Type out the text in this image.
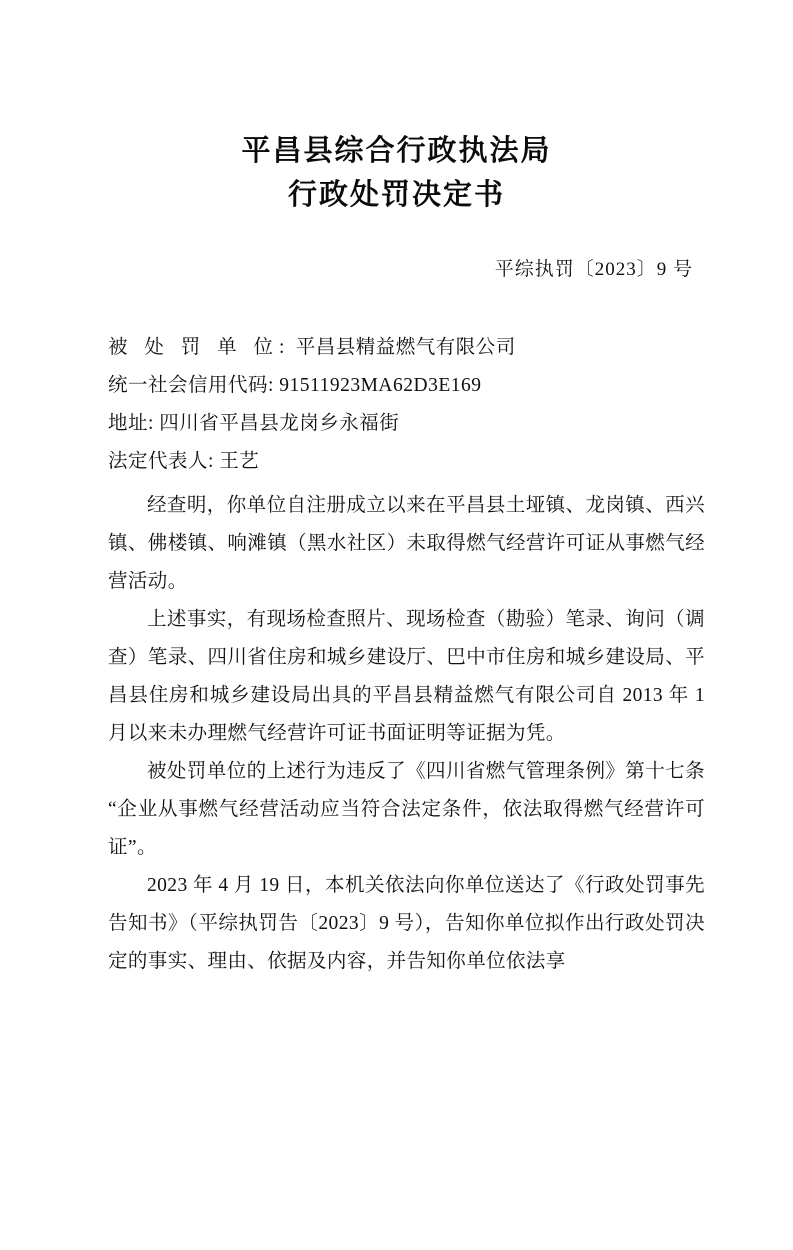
平昌县综合行政执法局
行政处罚决定书
平综执罚〔2023〕9 号
被 处 罚 单 位: 平昌县精益燃气有限公司
统一社会信用代码: 91511923MA62D3E169
地址: 四川省平昌县龙岗乡永福街
法定代表人: 王艺

经查明，你单位自注册成立以来在平昌县土垭镇、龙岗镇、西兴镇、佛楼镇、响滩镇（黑水社区）未取得燃气经营许可证从事燃气经营活动。

上述事实，有现场检查照片、现场检查（勘验）笔录、询问（调查）笔录、四川省住房和城乡建设厅、巴中市住房和城乡建设局、平昌县住房和城乡建设局出具的平昌县精益燃气有限公司自 2013 年 1 月以来未办理燃气经营许可证书面证明等证据为凭。

被处罚单位的上述行为违反了《四川省燃气管理条例》第十七条“企业从事燃气经营活动应当符合法定条件，依法取得燃气经营许可证”。

2023 年 4 月 19 日，本机关依法向你单位送达了《行政处罚事先告知书》（平综执罚告〔2023〕9 号），告知你单位拟作出行政处罚决定的事实、理由、依据及内容，并告知你单位依法享
